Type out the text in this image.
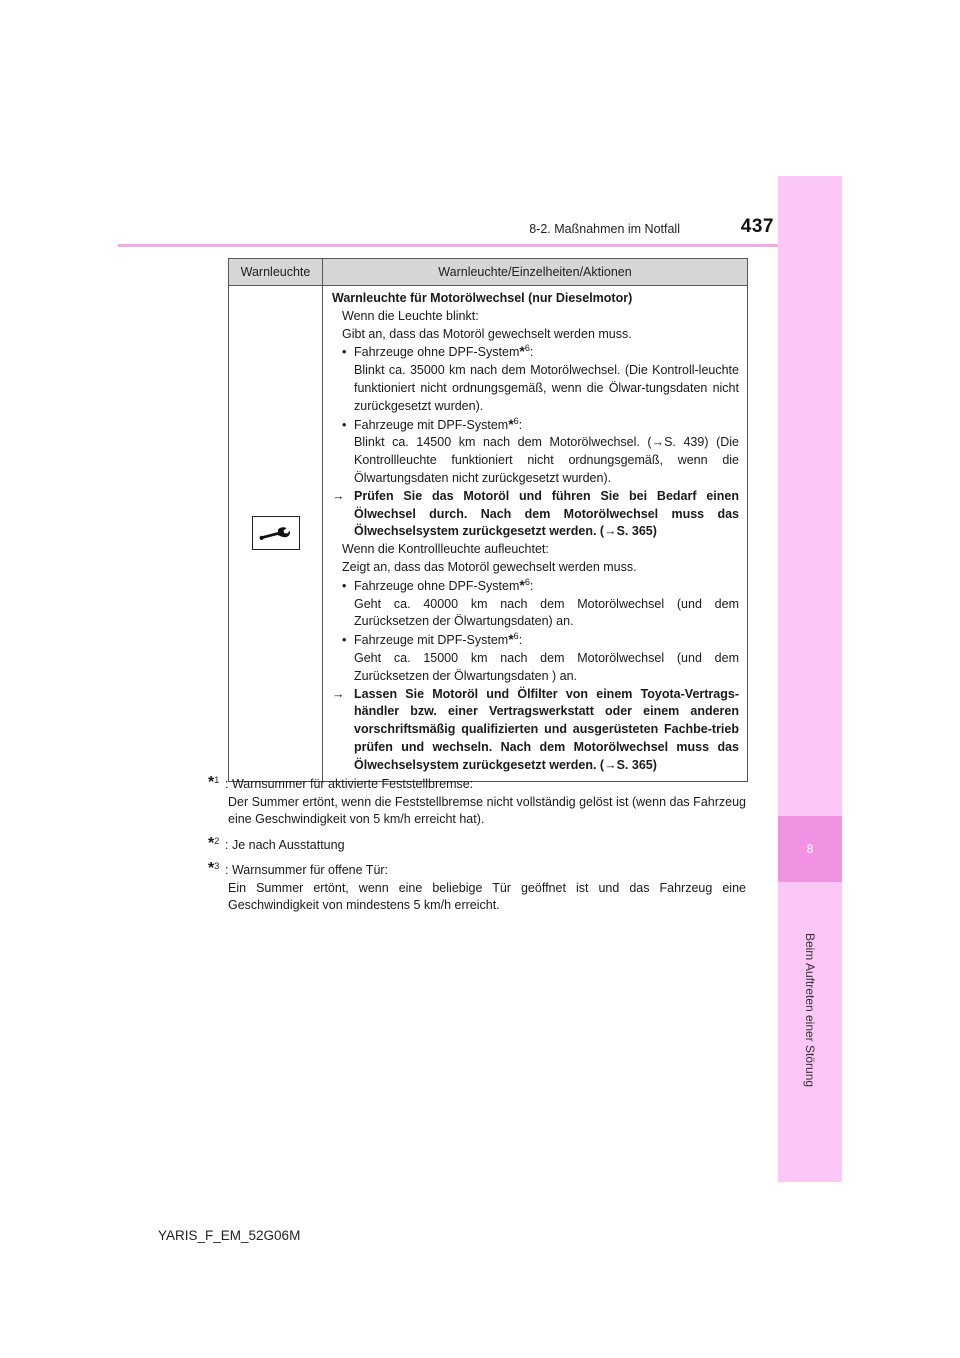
8-2. Maßnahmen im Notfall	437
8
Beim Auftreten einer Störung
Warnleuchte	Warnleuchte/Einzelheiten/Aktionen
Warnleuchte für Motorölwechsel (nur Dieselmotor)
Wenn die Leuchte blinkt:
Gibt an, dass das Motoröl gewechselt werden muss.
• Fahrzeuge ohne DPF-System*$^6$:
Blinkt ca. 35000 km nach dem Motorölwechsel. (Die Kontroll-leuchte funktioniert nicht ordnungsgemäß, wenn die Ölwar-tungsdaten nicht zurückgesetzt wurden).
• Fahrzeuge mit DPF-System*$^6$:
Blinkt ca. 14500 km nach dem Motorölwechsel. (→S. 439) (Die Kontrollleuchte funktioniert nicht ordnungsgemäß, wenn die Ölwartungsdaten nicht zurückgesetzt wurden).
→ Prüfen Sie das Motoröl und führen Sie bei Bedarf einen Ölwechsel durch. Nach dem Motorölwechsel muss das Ölwechselsystem zurückgesetzt werden. (→S. 365)
Wenn die Kontrollleuchte aufleuchtet:
Zeigt an, dass das Motoröl gewechselt werden muss.
• Fahrzeuge ohne DPF-System*$^6$:
Geht ca. 40000 km nach dem Motorölwechsel (und dem Zurücksetzen der Ölwartungsdaten) an.
• Fahrzeuge mit DPF-System*$^6$:
Geht ca. 15000 km nach dem Motorölwechsel (und dem Zurücksetzen der Ölwartungsdaten ) an.
→ Lassen Sie Motoröl und Ölfilter von einem Toyota-Vertrags-händler bzw. einer Vertragswerkstatt oder einem anderen vorschriftsmäßig qualifizierten und ausgerüsteten Fachbe-trieb prüfen und wechseln. Nach dem Motorölwechsel muss das Ölwechselsystem zurückgesetzt werden. (→S. 365)
*$^1$ : Warnsummer für aktivierte Feststellbremse:
Der Summer ertönt, wenn die Feststellbremse nicht vollständig gelöst ist (wenn das Fahrzeug eine Geschwindigkeit von 5 km/h erreicht hat).
*$^2$ : Je nach Ausstattung
*$^3$ : Warnsummer für offene Tür:
Ein Summer ertönt, wenn eine beliebige Tür geöffnet ist und das Fahrzeug eine Geschwindigkeit von mindestens 5 km/h erreicht.
YARIS_F_EM_52G06M
